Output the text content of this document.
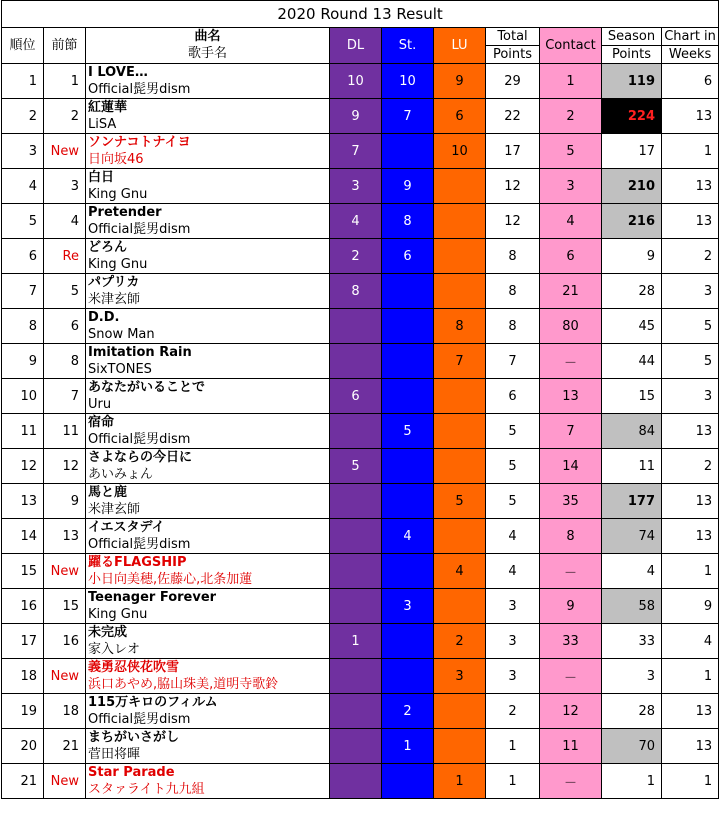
2020 Round 13 Result									
順位	前節	曲名	DL	St.	LU	Total	Contact	Season	Chart in
		歌手名				Points		Points	Weeks
1	1	I LOVE…	10	10	9	29	1	119	6
		Official髭男dism							
2	2	紅蓮華	9	7	6	22	2	224	13
		LiSA							
3	New	ソンナコトナイヨ	7		10	17	5	17	1
		日向坂46							
4	3	白日	3	9		12	3	210	13
		King Gnu							
5	4	Pretender	4	8		12	4	216	13
		Official髭男dism							
6	Re	どろん	2	6		8	6	9	2
		King Gnu							
7	5	パプリカ	8			8	21	28	3
		米津玄師							
8	6	D.D.			8	8	80	45	5
		Snow Man							
9	8	Imitation Rain			7	7	－	44	5
		SixTONES							
10	7	あなたがいることで	6			6	13	15	3
		Uru							
11	11	宿命		5		5	7	84	13
		Official髭男dism							
12	12	さよならの今日に	5			5	14	11	2
		あいみょん							
13	9	馬と鹿			5	5	35	177	13
		米津玄師							
14	13	イエスタデイ		4		4	8	74	13
		Official髭男dism							
15	New	躍るFLAGSHIP			4	4	－	4	1
		小日向美穂,佐藤心,北条加蓮							
16	15	Teenager Forever		3		3	9	58	9
		King Gnu							
17	16	未完成	1		2	3	33	33	4
		家入レオ							
18	New	義勇忍侠花吹雪			3	3	－	3	1
		浜口あやめ,脇山珠美,道明寺歌鈴							
19	18	115万キロのフィルム		2		2	12	28	13
		Official髭男dism							
20	21	まちがいさがし		1		1	11	70	13
		菅田将暉							
21	New	Star Parade			1	1	－	1	1
		スタァライト九九組							
